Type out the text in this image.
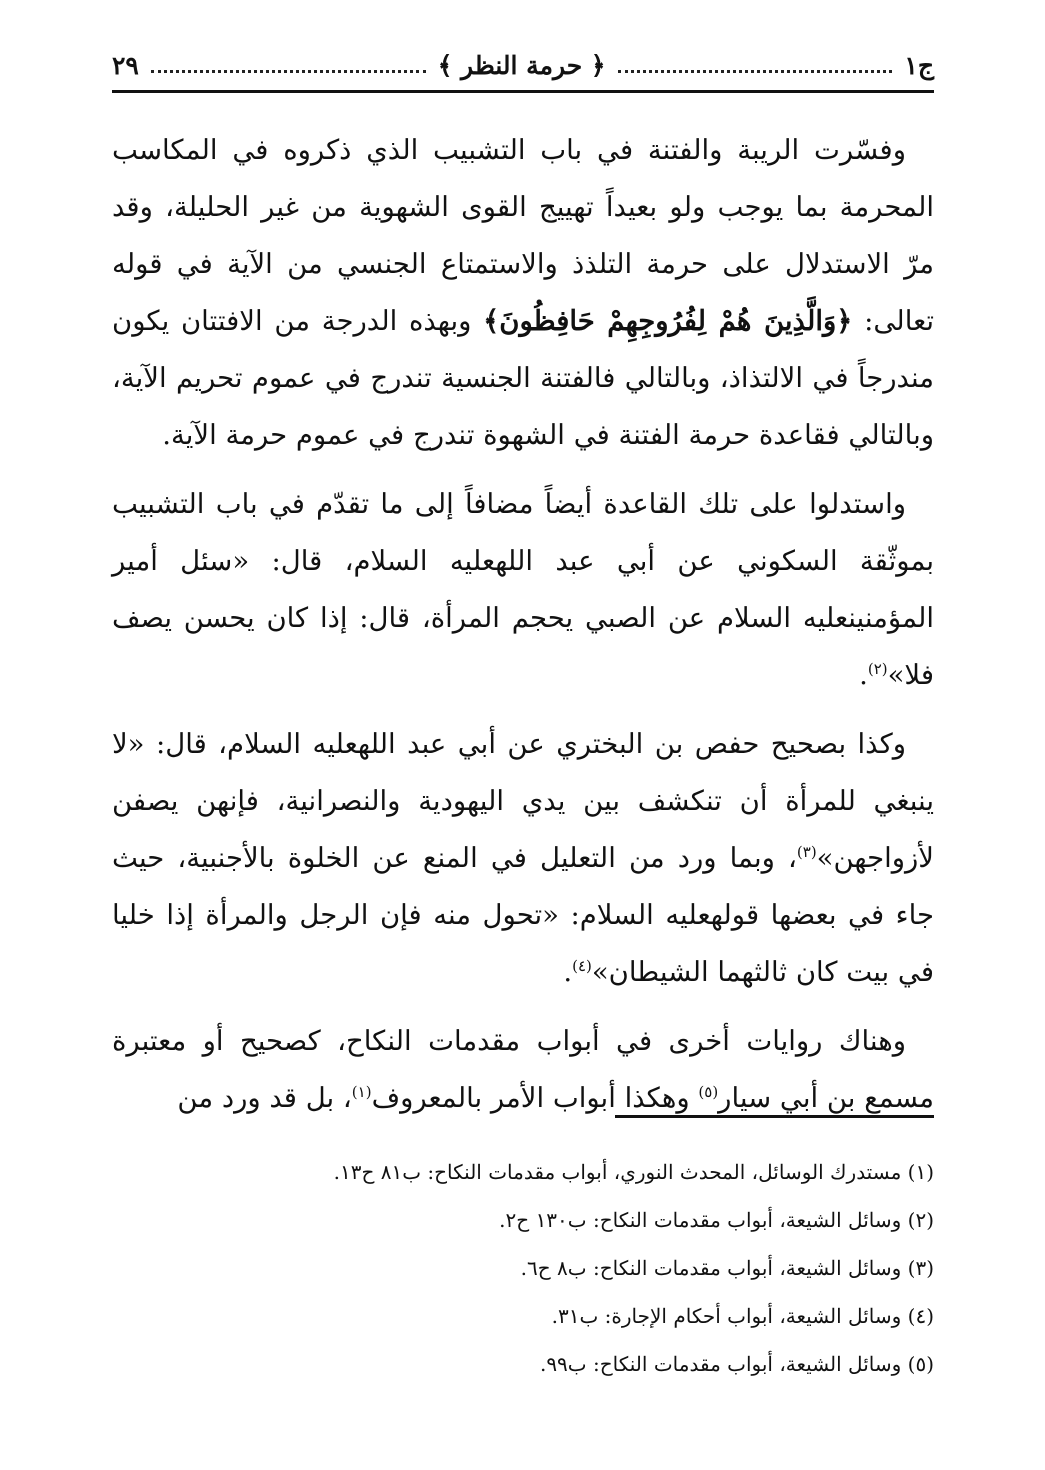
ج١
﴿ حرمة النظر ﴾
٢٩

وفسّرت الريبة والفتنة في باب التشبيب الذي ذكروه في المكاسب المحرمة بما يوجب ولو بعيداً تهييج القوى الشهوية من غير الحليلة، وقد مرّ الاستدلال على حرمة التلذذ والاستمتاع الجنسي من الآية في قوله تعالى: ﴿وَالَّذِينَ هُمْ لِفُرُوجِهِمْ حَافِظُونَ﴾ وبهذه الدرجة من الافتتان يكون مندرجاً في الالتذاذ، وبالتالي فالفتنة الجنسية تندرج في عموم تحريم الآية، وبالتالي فقاعدة حرمة الفتنة في الشهوة تندرج في عموم حرمة الآية.

واستدلوا على تلك القاعدة أيضاً مضافاً إلى ما تقدّم في باب التشبيب بموثّقة السكوني عن أبي عبد الله‏عليه السلام، قال: «سئل أمير المؤمنين‏عليه السلام عن الصبي يحجم المرأة، قال: إذا كان يحسن يصف فلا»$^{(٢)}$.

وكذا بصحيح حفص بن البختري عن أبي عبد الله‏عليه السلام، قال: «لا ينبغي للمرأة أن تنكشف بين يدي اليهودية والنصرانية، فإنهن يصفن لأزواجهن»$^{(٣)}$، وبما ورد من التعليل في المنع عن الخلوة بالأجنبية، حيث جاء في بعضها قوله‏عليه السلام: «تحول منه فإن الرجل والمرأة إذا خليا في بيت كان ثالثهما الشيطان»$^{(٤)}$.

وهناك روايات أخرى في أبواب مقدمات النكاح، كصحيح أو معتبرة مسمع بن أبي سيار$^{(٥)}$ وهكذا أبواب الأمر بالمعروف$^{(١)}$، بل قد ورد من

(١) مستدرك الوسائل، المحدث النوري، أبواب مقدمات النكاح: ب٨١ ح١٣.
(٢) وسائل الشيعة، أبواب مقدمات النكاح: ب١٣٠ ح٢.
(٣) وسائل الشيعة، أبواب مقدمات النكاح: ب٨ ح٦.
(٤) وسائل الشيعة، أبواب أحكام الإجارة: ب٣١.
(٥) وسائل الشيعة، أبواب مقدمات النكاح: ب٩٩.
